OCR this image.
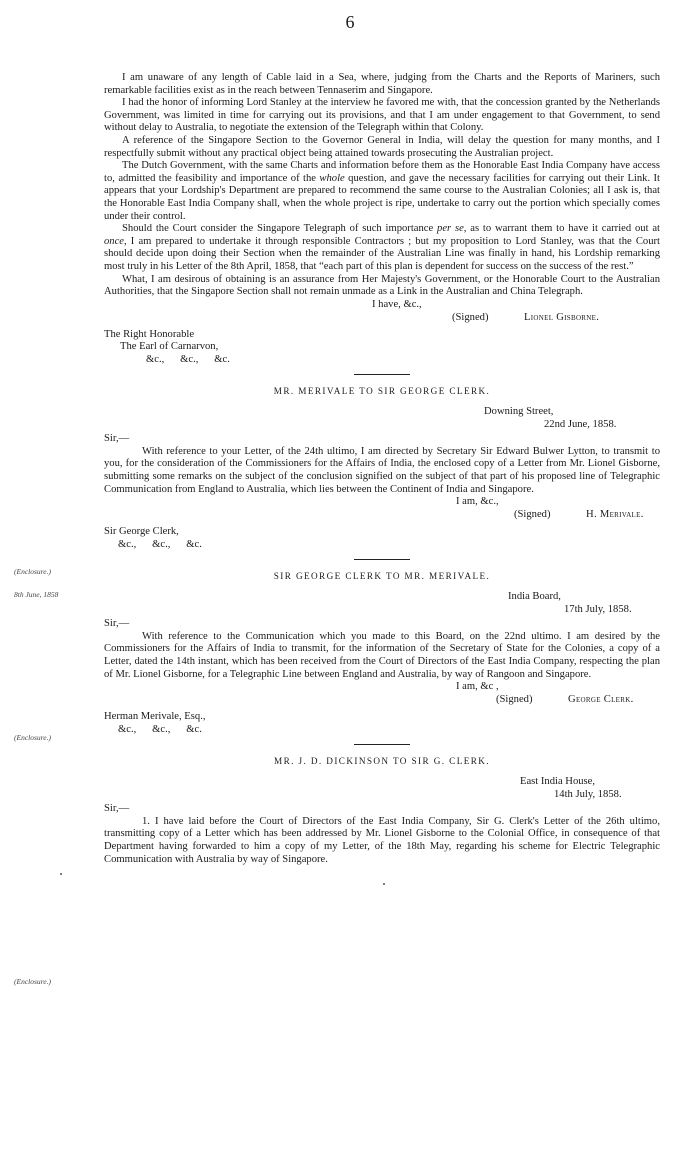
6
(Enclosure.)
8th June, 1858
(Enclosure.)
(Enclosure.)

I am unaware of any length of Cable laid in a Sea, where, judging from the Charts and the Reports of Mariners, such remarkable facilities exist as in the reach between Tennaserim and Singapore.

I had the honor of informing Lord Stanley at the interview he favored me with, that the concession granted by the Netherlands Government, was limited in time for carrying out its provisions, and that I am under engagement to that Government, to send without delay to Australia, to negotiate the extension of the Telegraph within that Colony.

A reference of the Singapore Section to the Governor General in India, will delay the question for many months, and I respectfully submit without any practical object being attained towards prosecuting the Australian project.

The Dutch Government, with the same Charts and information before them as the Honorable East India Company have access to, admitted the feasibility and importance of the whole question, and gave the necessary facilities for carrying out their Link. It appears that your Lordship's Department are prepared to recommend the same course to the Australian Colonies; all I ask is, that the Honorable East India Company shall, when the whole project is ripe, undertake to carry out the portion which specially comes under their control.

Should the Court consider the Singapore Telegraph of such importance per se, as to warrant them to have it carried out at once, I am prepared to undertake it through responsible Contractors ; but my proposition to Lord Stanley, was that the Court should decide upon doing their Section when the remainder of the Australian Line was finally in hand, his Lordship remarking most truly in his Letter of the 8th April, 1858, that “each part of this plan is dependent for success on the success of the rest.”

What, I am desirous of obtaining is an assurance from Her Majesty's Government, or the Honorable Court to the Australian Authorities, that the Singapore Section shall not remain unmade as a Link in the Australian and China Telegraph.

I have, &c.,
(Signed)	Lionel Gisborne.
The Right Honorable
The Earl of Carnarvon,
&c.,      &c.,      &c.
MR. MERIVALE TO SIR GEORGE CLERK.
Downing Street,
22nd June, 1858.
Sir,—

With reference to your Letter, of the 24th ultimo, I am directed by Secretary Sir Edward Bulwer Lytton, to transmit to you, for the consideration of the Commissioners for the Affairs of India, the enclosed copy of a Letter from Mr. Lionel Gisborne, submitting some remarks on the subject of the conclusion signified on the subject of that part of his proposed line of Telegraphic Communication from England to Australia, which lies between the Continent of India and Singapore.

I am, &c.,
(Signed)	H. Merivale.
Sir George Clerk,
&c.,      &c.,      &c.
SIR GEORGE CLERK TO MR. MERIVALE.
India Board,
17th July, 1858.
Sir,—

With reference to the Communication which you made to this Board, on the 22nd ultimo. I am desired by the Commissioners for the Affairs of India to transmit, for the information of the Secretary of State for the Colonies, a copy of a Letter, dated the 14th instant, which has been received from the Court of Directors of the East India Company, respecting the plan of Mr. Lionel Gisborne, for a Telegraphic Line between England and Australia, by way of Rangoon and Singapore.

I am, &c ,
(Signed)	George Clerk.
Herman Merivale, Esq.,
&c.,      &c.,      &c.
MR. J. D. DICKINSON TO SIR G. CLERK.
East India House,
14th July, 1858.
Sir,—

1. I have laid before the Court of Directors of the East India Company, Sir G. Clerk's Letter of the 26th ultimo, transmitting copy of a Letter which has been addressed by Mr. Lionel Gisborne to the Colonial Office, in consequence of that Department having forwarded to him a copy of my Letter, of the 18th May, regarding his scheme for Electric Telegraphic Communication with Australia by way of Singapore.
